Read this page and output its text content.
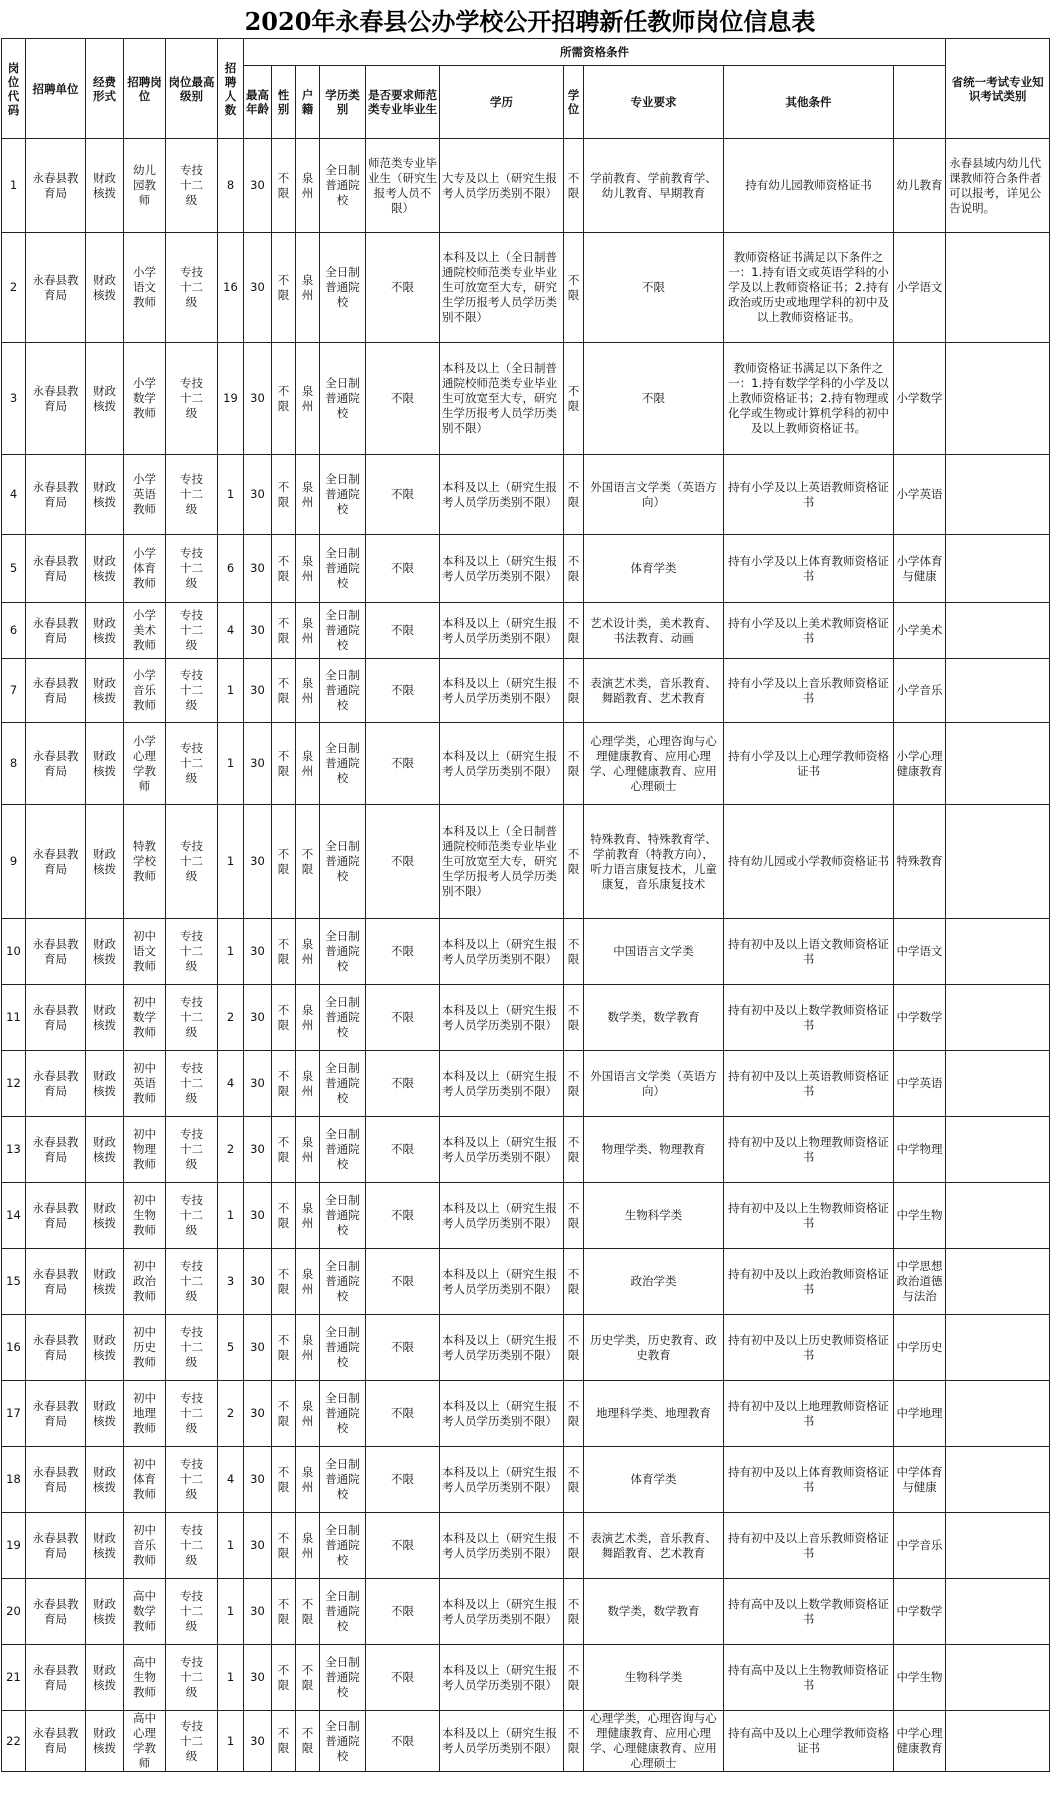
2020年永春县公办学校公开招聘新任教师岗位信息表
岗位代码	招聘单位	经费形式	招聘岗位	岗位最高级别	招聘人数	所需资格条件										省统一考试专业知识考试类别	
						最高年龄	性别	户籍	学历类别	是否要求师范类专业毕业生	学历	学位	专业要求	其他条件			
1	永春县教育局	财政核拨	幼儿园教师	专技十二级	8	30	不限	泉州	全日制普通院校	师范类专业毕业生（研究生报考人员不限）	大专及以上（研究生报考人员学历类别不限）	不限	学前教育、学前教育学、幼儿教育、早期教育	持有幼儿园教师资格证书	幼儿教育	永春县域内幼儿代课教师符合条件者可以报考，详见公告说明。	
2	永春县教育局	财政核拨	小学语文教师	专技十二级	16	30	不限	泉州	全日制普通院校	不限	本科及以上（全日制普通院校师范类专业毕业生可放宽至大专，研究生学历报考人员学历类别不限）	不限	不限	教师资格证书满足以下条件之一：1.持有语文或英语学科的小学及以上教师资格证书；2.持有政治或历史或地理学科的初中及以上教师资格证书。	小学语文		
3	永春县教育局	财政核拨	小学数学教师	专技十二级	19	30	不限	泉州	全日制普通院校	不限	本科及以上（全日制普通院校师范类专业毕业生可放宽至大专，研究生学历报考人员学历类别不限）	不限	不限	教师资格证书满足以下条件之一：1.持有数学学科的小学及以上教师资格证书；2.持有物理或化学或生物或计算机学科的初中及以上教师资格证书。	小学数学		
4	永春县教育局	财政核拨	小学英语教师	专技十二级	1	30	不限	泉州	全日制普通院校	不限	本科及以上（研究生报考人员学历类别不限）	不限	外国语言文学类（英语方向）	持有小学及以上英语教师资格证书	小学英语		
5	永春县教育局	财政核拨	小学体育教师	专技十二级	6	30	不限	泉州	全日制普通院校	不限	本科及以上（研究生报考人员学历类别不限）	不限	体育学类	持有小学及以上体育教师资格证书	小学体育与健康		
6	永春县教育局	财政核拨	小学美术教师	专技十二级	4	30	不限	泉州	全日制普通院校	不限	本科及以上（研究生报考人员学历类别不限）	不限	艺术设计类，美术教育、书法教育、动画	持有小学及以上美术教师资格证书	小学美术		
7	永春县教育局	财政核拨	小学音乐教师	专技十二级	1	30	不限	泉州	全日制普通院校	不限	本科及以上（研究生报考人员学历类别不限）	不限	表演艺术类，音乐教育、舞蹈教育、艺术教育	持有小学及以上音乐教师资格证书	小学音乐		
8	永春县教育局	财政核拨	小学心理学教师	专技十二级	1	30	不限	泉州	全日制普通院校	不限	本科及以上（研究生报考人员学历类别不限）	不限	心理学类，心理咨询与心理健康教育、应用心理学、心理健康教育、应用心理硕士	持有小学及以上心理学教师资格证书	小学心理健康教育		
9	永春县教育局	财政核拨	特教学校教师	专技十二级	1	30	不限	不限	全日制普通院校	不限	本科及以上（全日制普通院校师范类专业毕业生可放宽至大专，研究生学历报考人员学历类别不限）	不限	特殊教育、特殊教育学、学前教育（特教方向），听力语言康复技术，儿童康复，音乐康复技术	持有幼儿园或小学教师资格证书	特殊教育		
10	永春县教育局	财政核拨	初中语文教师	专技十二级	1	30	不限	泉州	全日制普通院校	不限	本科及以上（研究生报考人员学历类别不限）	不限	中国语言文学类	持有初中及以上语文教师资格证书	中学语文		
11	永春县教育局	财政核拨	初中数学教师	专技十二级	2	30	不限	泉州	全日制普通院校	不限	本科及以上（研究生报考人员学历类别不限）	不限	数学类，数学教育	持有初中及以上数学教师资格证书	中学数学		
12	永春县教育局	财政核拨	初中英语教师	专技十二级	4	30	不限	泉州	全日制普通院校	不限	本科及以上（研究生报考人员学历类别不限）	不限	外国语言文学类（英语方向）	持有初中及以上英语教师资格证书	中学英语		
13	永春县教育局	财政核拨	初中物理教师	专技十二级	2	30	不限	泉州	全日制普通院校	不限	本科及以上（研究生报考人员学历类别不限）	不限	物理学类、物理教育	持有初中及以上物理教师资格证书	中学物理		
14	永春县教育局	财政核拨	初中生物教师	专技十二级	1	30	不限	泉州	全日制普通院校	不限	本科及以上（研究生报考人员学历类别不限）	不限	生物科学类	持有初中及以上生物教师资格证书	中学生物		
15	永春县教育局	财政核拨	初中政治教师	专技十二级	3	30	不限	泉州	全日制普通院校	不限	本科及以上（研究生报考人员学历类别不限）	不限	政治学类	持有初中及以上政治教师资格证书	中学思想政治道德与法治		
16	永春县教育局	财政核拨	初中历史教师	专技十二级	5	30	不限	泉州	全日制普通院校	不限	本科及以上（研究生报考人员学历类别不限）	不限	历史学类，历史教育、政史教育	持有初中及以上历史教师资格证书	中学历史		
17	永春县教育局	财政核拨	初中地理教师	专技十二级	2	30	不限	泉州	全日制普通院校	不限	本科及以上（研究生报考人员学历类别不限）	不限	地理科学类、地理教育	持有初中及以上地理教师资格证书	中学地理		
18	永春县教育局	财政核拨	初中体育教师	专技十二级	4	30	不限	泉州	全日制普通院校	不限	本科及以上（研究生报考人员学历类别不限）	不限	体育学类	持有初中及以上体育教师资格证书	中学体育与健康		
19	永春县教育局	财政核拨	初中音乐教师	专技十二级	1	30	不限	泉州	全日制普通院校	不限	本科及以上（研究生报考人员学历类别不限）	不限	表演艺术类，音乐教育、舞蹈教育、艺术教育	持有初中及以上音乐教师资格证书	中学音乐		
20	永春县教育局	财政核拨	高中数学教师	专技十二级	1	30	不限	不限	全日制普通院校	不限	本科及以上（研究生报考人员学历类别不限）	不限	数学类，数学教育	持有高中及以上数学教师资格证书	中学数学		
21	永春县教育局	财政核拨	高中生物教师	专技十二级	1	30	不限	不限	全日制普通院校	不限	本科及以上（研究生报考人员学历类别不限）	不限	生物科学类	持有高中及以上生物教师资格证书	中学生物		
22	永春县教育局	财政核拨	高中心理学教师	专技十二级	1	30	不限	不限	全日制普通院校	不限	本科及以上（研究生报考人员学历类别不限）	不限	心理学类，心理咨询与心理健康教育、应用心理学、心理健康教育、应用心理硕士	持有高中及以上心理学教师资格证书	中学心理健康教育		
